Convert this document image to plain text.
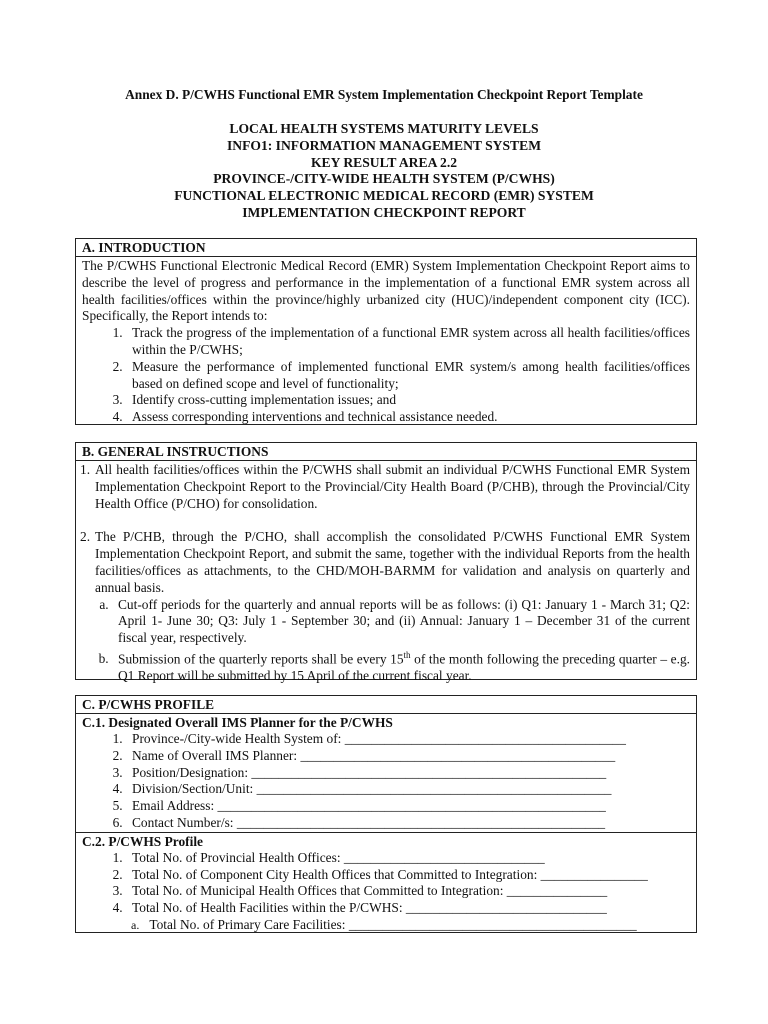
Annex D. P/CWHS Functional EMR System Implementation Checkpoint Report Template
LOCAL HEALTH SYSTEMS MATURITY LEVELS
INFO1: INFORMATION MANAGEMENT SYSTEM
KEY RESULT AREA 2.2
PROVINCE-/CITY-WIDE HEALTH SYSTEM (P/CWHS)
FUNCTIONAL ELECTRONIC MEDICAL RECORD (EMR) SYSTEM
IMPLEMENTATION CHECKPOINT REPORT
A. INTRODUCTION
The P/CWHS Functional Electronic Medical Record (EMR) System Implementation Checkpoint Report aims to describe the level of progress and performance in the implementation of a functional EMR system across all health facilities/offices within the province/highly urbanized city (HUC)/independent component city (ICC). Specifically, the Report intends to:
1. Track the progress of the implementation of a functional EMR system across all health facilities/offices within the P/CWHS;
2. Measure the performance of implemented functional EMR system/s among health facilities/offices based on defined scope and level of functionality;
3. Identify cross-cutting implementation issues; and
4. Assess corresponding interventions and technical assistance needed.
B. GENERAL INSTRUCTIONS
1. All health facilities/offices within the P/CWHS shall submit an individual P/CWHS Functional EMR System Implementation Checkpoint Report to the Provincial/City Health Board (P/CHB), through the Provincial/City Health Office (P/CHO) for consolidation.
2. The P/CHB, through the P/CHO, shall accomplish the consolidated P/CWHS Functional EMR System Implementation Checkpoint Report, and submit the same, together with the individual Reports from the health facilities/offices as attachments, to the CHD/MOH-BARMM for validation and analysis on quarterly and annual basis.
a. Cut-off periods for the quarterly and annual reports will be as follows: (i) Q1: January 1 - March 31; Q2: April 1- June 30; Q3: July 1 - September 30; and (ii) Annual: January 1 – December 31 of the current fiscal year, respectively.
b. Submission of the quarterly reports shall be every 15th of the month following the preceding quarter – e.g. Q1 Report will be submitted by 15 April of the current fiscal year.
C. P/CWHS PROFILE
C.1. Designated Overall IMS Planner for the P/CWHS
1. Province-/City-wide Health System of: __________________________________________
2. Name of Overall IMS Planner: _______________________________________________
3. Position/Designation: _____________________________________________________
4. Division/Section/Unit: _____________________________________________________
5. Email Address: __________________________________________________________
6. Contact Number/s: _______________________________________________________
C.2. P/CWHS Profile
1. Total No. of Provincial Health Offices: ______________________________
2. Total No. of Component City Health Offices that Committed to Integration: ________________
3. Total No. of Municipal Health Offices that Committed to Integration: _______________
4. Total No. of Health Facilities within the P/CWHS: ______________________________
a. Total No. of Primary Care Facilities: ___________________________________________
